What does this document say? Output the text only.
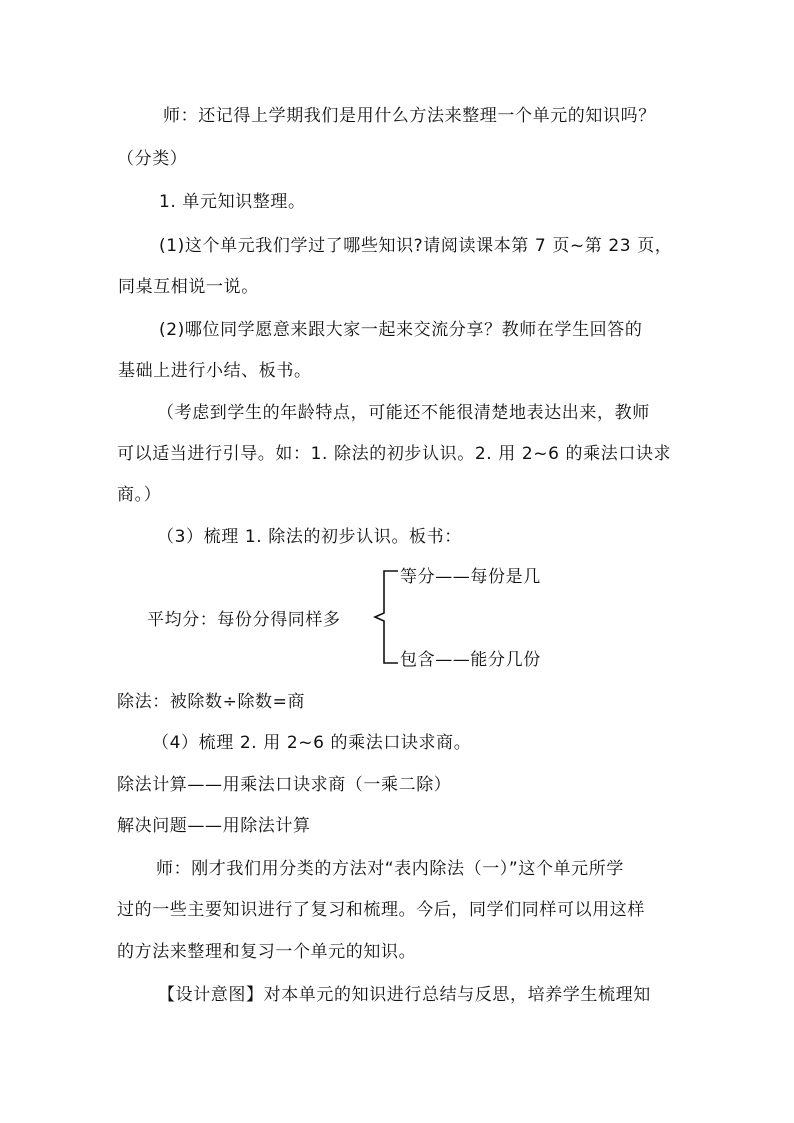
师：还记得上学期我们是用什么方法来整理一个单元的知识吗？
（分类）
1. 单元知识整理。
(1)这个单元我们学过了哪些知识?请阅读课本第 7 页~第 23 页，
同桌互相说一说。
(2)哪位同学愿意来跟大家一起来交流分享？教师在学生回答的
基础上进行小结、板书。
（考虑到学生的年龄特点，可能还不能很清楚地表达出来，教师
可以适当进行引导。如：1. 除法的初步认识。2. 用 2~6 的乘法口诀求
商。）
（3）梳理 1. 除法的初步认识。板书：
等分——每份是几
平均分：每份分得同样多
包含——能分几份
除法：被除数÷除数=商
（4）梳理 2. 用 2~6 的乘法口诀求商。
除法计算——用乘法口诀求商（一乘二除）
解决问题——用除法计算
师：刚才我们用分类的方法对“表内除法（一）”这个单元所学
过的一些主要知识进行了复习和梳理。今后，同学们同样可以用这样
的方法来整理和复习一个单元的知识。
【设计意图】对本单元的知识进行总结与反思，培养学生梳理知
